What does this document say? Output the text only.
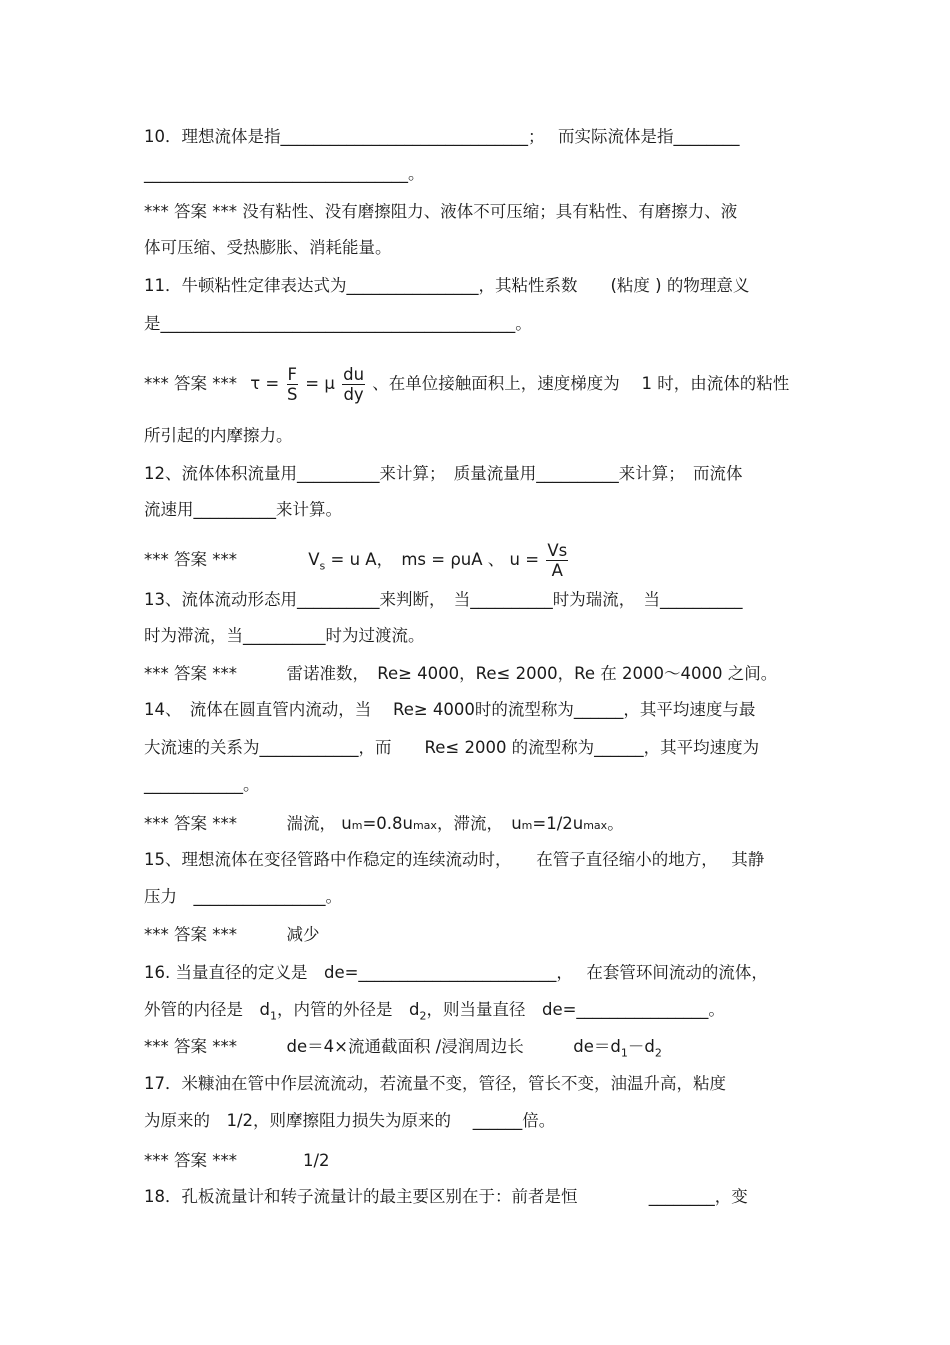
10．理想流体是指______________________________；　 而实际流体是指________
________________________________。
*** 答案 *** 没有粘性、没有磨擦阻力、液体不可压缩；具有粘性、有磨擦力、液
体可压缩、受热膨胀、消耗能量。
11．牛顿粘性定律表达式为________________，其粘性系数　　(粘度 ) 的物理意义
是___________________________________________。
*** 答案 *** $\tau = \frac{F}{S} = \mu \frac{du}{dy}$ 、在单位接触面积上，速度梯度为　 1 时，由流体的粘性
所引起的内摩擦力。
12、流体体积流量用__________来计算；　质量流量用__________来计算；　而流体
流速用__________来计算。
*** 答案 ***	$V_s = u$ A，　ms = ρuA 、 $u = \frac{Vs}{A}$
13、流体流动形态用__________来判断，　当__________时为瑞流，　当__________
时为滞流，当__________时为过渡流。
*** 答案 ***　　　雷诺准数，　Re≥ 4000，Re≤ 2000，Re 在 2000～4000 之间。
14、　流体在圆直管内流动，当　 Re≥ 4000时的流型称为______，其平均速度与最
大流速的关系为____________，而　　Re≤ 2000 的流型称为______，其平均速度为
____________。
*** 答案 ***　　　湍流， um=0.8umax，滞流，　um=1/2umax。
15、理想流体在变径管路中作稳定的连续流动时，　　在管子直径缩小的地方，　 其静
压力　________________。
*** 答案 ***　　　减少
16. 当量直径的定义是　de=________________________，　 在套管环间流动的流体，
外管的内径是　$d_1$，内管的外径是　$d_2$，则当量直径　de=________________。
*** 答案 ***　　　de＝4×流通截面积 /浸润周边长　　　$de=d_1-d_2$
17．米糠油在管中作层流流动，若流量不变，管径，管长不变，油温升高，粘度
为原来的　1/2，则摩擦阻力损失为原来的　 ______倍。
*** 答案 ***　　　　1/2
18．孔板流量计和转子流量计的最主要区别在于：前者是恒　　　　 ________，变
